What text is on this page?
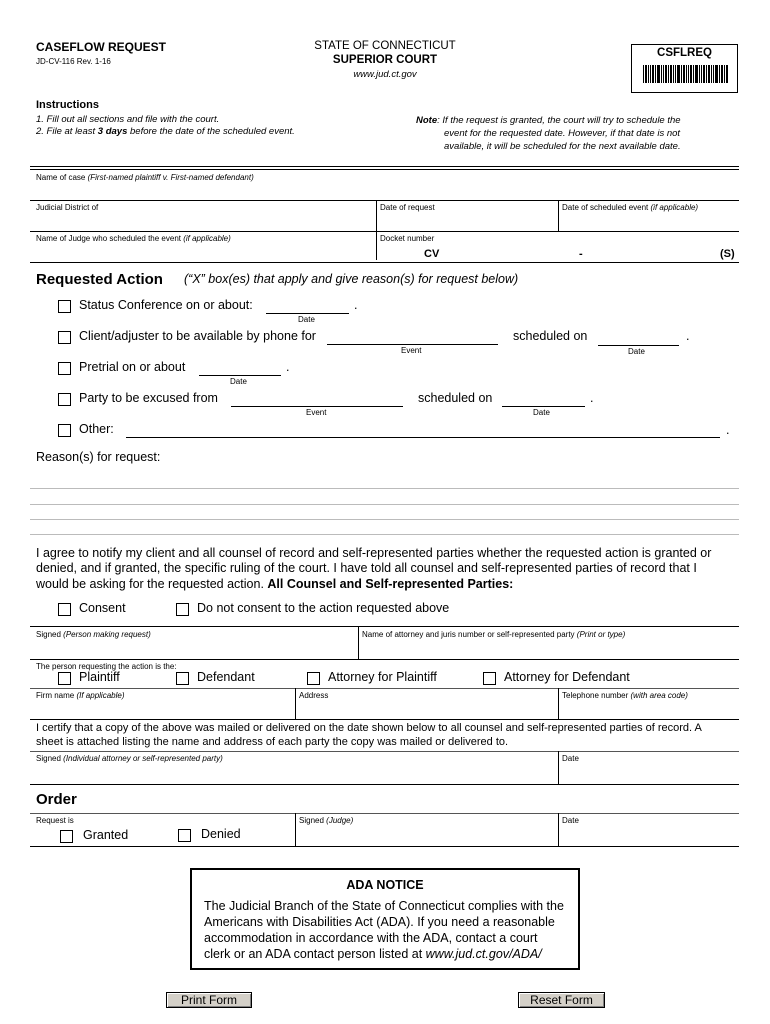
CASEFLOW REQUEST
JD-CV-116 Rev. 1-16
STATE OF CONNECTICUT
SUPERIOR COURT
www.jud.ct.gov
CSFLREQ
Instructions
1. Fill out all sections and file with the court.
2. File at least 3 days before the date of the scheduled event.
Note: If the request is granted, the court will try to schedule the
event for the requested date. However, if that date is not
available, it will be scheduled for the next available date.
Name of case (First-named plaintiff v. First-named defendant)
Judicial District of	Date of request	Date of scheduled event (if applicable)
Name of Judge who scheduled the event (if applicable)	Docket number
CV	-	(S)
Requested Action (“X” box(es) that apply and give reason(s) for request below)
Status Conference on or about:	.
Date
Client/adjuster to be available by phone for
Event
scheduled on	.
Date
Pretrial on or about	.
Date
Party to be excused from
Event
scheduled on	.
Date
Other:	.
Reason(s) for request:
I agree to notify my client and all counsel of record and self-represented parties whether the requested action is granted or
denied, and if granted, the specific ruling of the court. I have told all counsel and self-represented parties of record that I
would be asking for the requested action. All Counsel and Self-represented Parties:
Consent	Do not consent to the action requested above
Signed (Person making request)	Name of attorney and juris number or self-represented party (Print or type)
The person requesting the action is the:
Plaintiff	Defendant	Attorney for Plaintiff	Attorney for Defendant
Firm name (If applicable)	Address	Telephone number (with area code)
I certify that a copy of the above was mailed or delivered on the date shown below to all counsel and self-represented parties of record. A
sheet is attached listing the name and address of each party the copy was mailed or delivered to.
Signed (Individual attorney or self-represented party)	Date
Order
Request is
Granted	Denied
Signed (Judge)	Date
ADA NOTICE
The Judicial Branch of the State of Connecticut complies with the
Americans with Disabilities Act (ADA). If you need a reasonable
accommodation in accordance with the ADA, contact a court
clerk or an ADA contact person listed at www.jud.ct.gov/ADA/
Print Form	Reset Form
